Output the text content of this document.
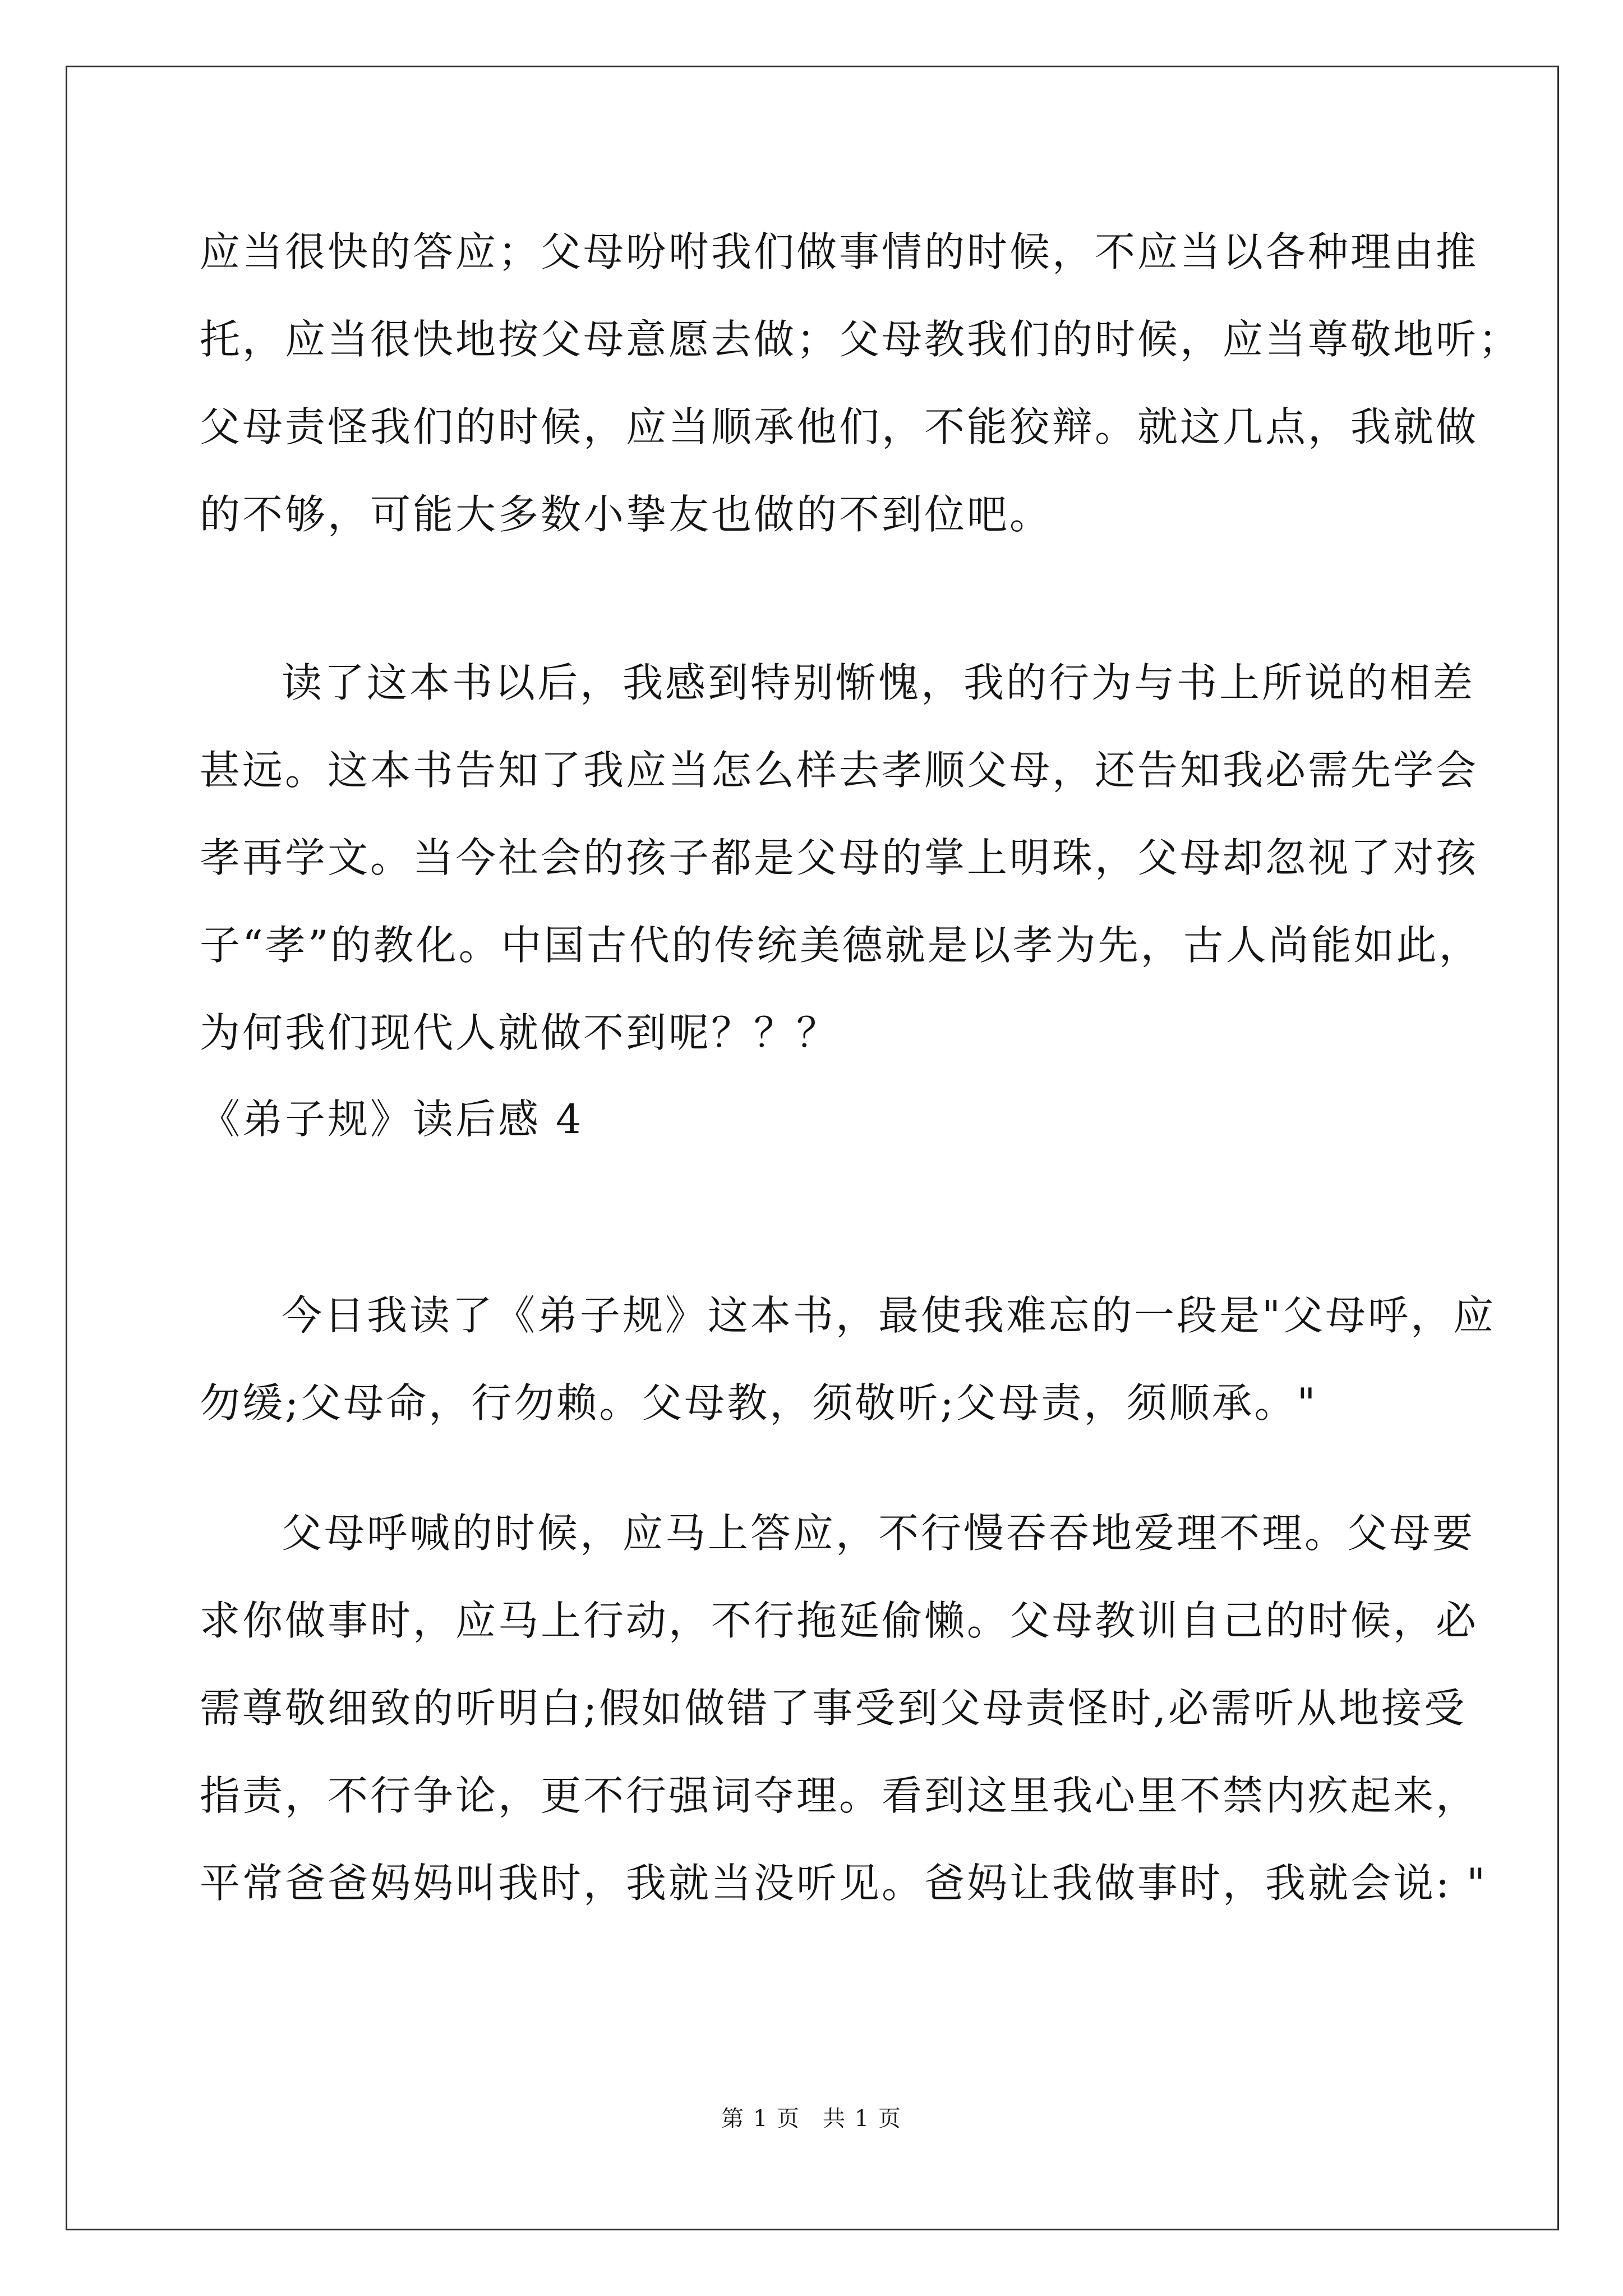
应当很快的答应；父母吩咐我们做事情的时候，不应当以各种理由推
托，应当很快地按父母意愿去做；父母教我们的时候，应当尊敬地听；
父母责怪我们的时候，应当顺承他们，不能狡辩。就这几点，我就做
的不够，可能大多数小挚友也做的不到位吧。
读了这本书以后，我感到特别惭愧，我的行为与书上所说的相差
甚远。这本书告知了我应当怎么样去孝顺父母，还告知我必需先学会
孝再学文。当今社会的孩子都是父母的掌上明珠，父母却忽视了对孩
子“孝”的教化。中国古代的传统美德就是以孝为先，古人尚能如此，
为何我们现代人就做不到呢？？？
《弟子规》读后感 4
今日我读了《弟子规》这本书，最使我难忘的一段是"父母呼，应
勿缓;父母命，行勿赖。父母教，须敬听;父母责，须顺承。"
父母呼喊的时候，应马上答应，不行慢吞吞地爱理不理。父母要
求你做事时，应马上行动，不行拖延偷懒。父母教训自己的时候，必
需尊敬细致的听明白;假如做错了事受到父母责怪时,必需听从地接受
指责，不行争论，更不行强词夺理。看到这里我心里不禁内疚起来，
平常爸爸妈妈叫我时，我就当没听见。爸妈让我做事时，我就会说: "
第 1 页 共 1 页
